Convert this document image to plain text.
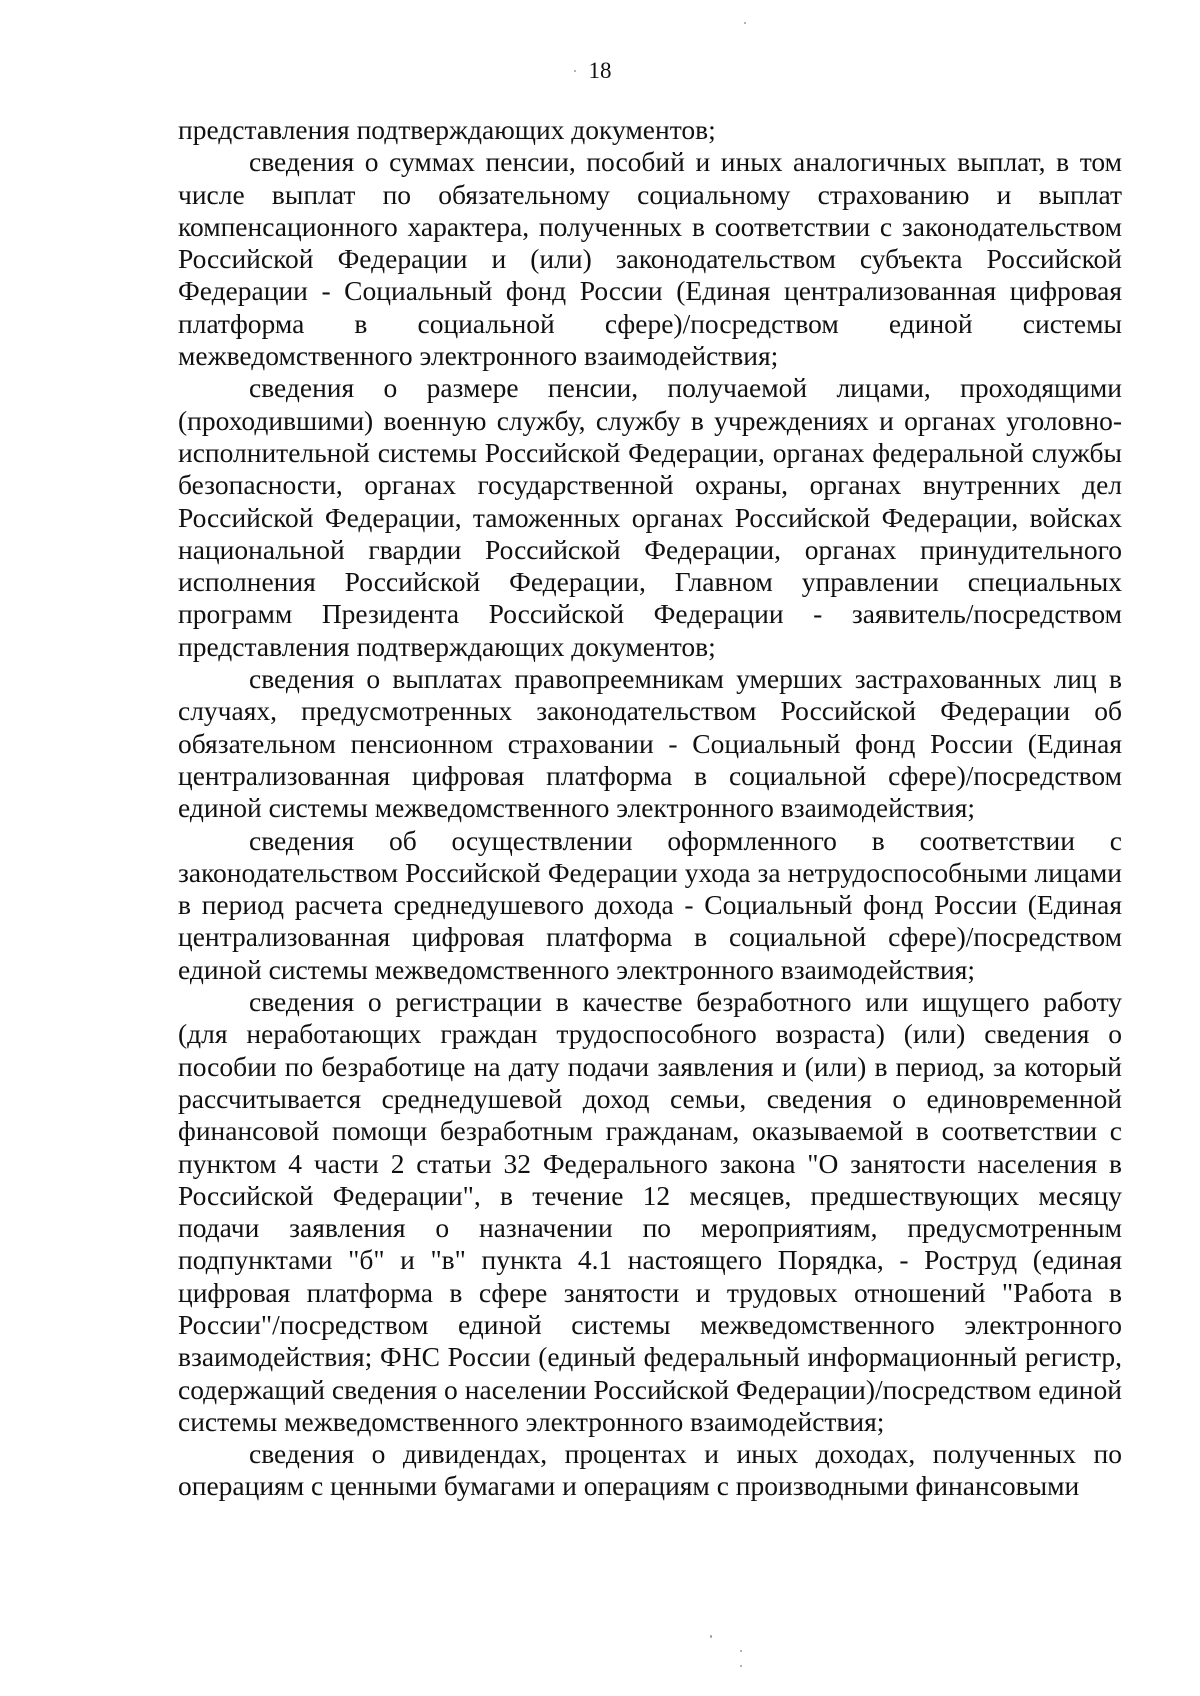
18

представления подтверждающих документов;

сведения о суммах пенсии, пособий и иных аналогичных выплат, в том числе выплат по обязательному социальному страхованию и выплат компенсационного характера, полученных в соответствии с законодательством Российской Федерации и (или) законодательством субъекта Российской Федерации - Социальный фонд России (Единая централизованная цифровая платформа в социальной сфере)/посредством единой системы межведомственного электронного взаимодействия;

сведения о размере пенсии, получаемой лицами, проходящими (проходившими) военную службу, службу в учреждениях и органах уголовно-исполнительной системы Российской Федерации, органах федеральной службы безопасности, органах государственной охраны, органах внутренних дел Российской Федерации, таможенных органах Российской Федерации, войсках национальной гвардии Российской Федерации, органах принудительного исполнения Российской Федерации, Главном управлении специальных программ Президента Российской Федерации - заявитель/посредством представления подтверждающих документов;

сведения о выплатах правопреемникам умерших застрахованных лиц в случаях, предусмотренных законодательством Российской Федерации об обязательном пенсионном страховании - Социальный фонд России (Единая централизованная цифровая платформа в социальной сфере)/посредством единой системы межведомственного электронного взаимодействия;

сведения об осуществлении оформленного в соответствии с законодательством Российской Федерации ухода за нетрудоспособными лицами в период расчета среднедушевого дохода - Социальный фонд России (Единая централизованная цифровая платформа в социальной сфере)/посредством единой системы межведомственного электронного взаимодействия;

сведения о регистрации в качестве безработного или ищущего работу (для неработающих граждан трудоспособного возраста) (или) сведения о пособии по безработице на дату подачи заявления и (или) в период, за который рассчитывается среднедушевой доход семьи, сведения о единовременной финансовой помощи безработным гражданам, оказываемой в соответствии с пунктом 4 части 2 статьи 32 Федерального закона "О занятости населения в Российской Федерации", в течение 12 месяцев, предшествующих месяцу подачи заявления о назначении по мероприятиям, предусмотренным подпунктами "б" и "в" пункта 4.1 настоящего Порядка, - Роструд (единая цифровая платформа в сфере занятости и трудовых отношений "Работа в России"/посредством единой системы межведомственного электронного взаимодействия; ФНС России (единый федеральный информационный регистр, содержащий сведения о населении Российской Федерации)/посредством единой системы межведомственного электронного взаимодействия;

сведения о дивидендах, процентах и иных доходах, полученных по операциям с ценными бумагами и операциям с производными финансовыми
